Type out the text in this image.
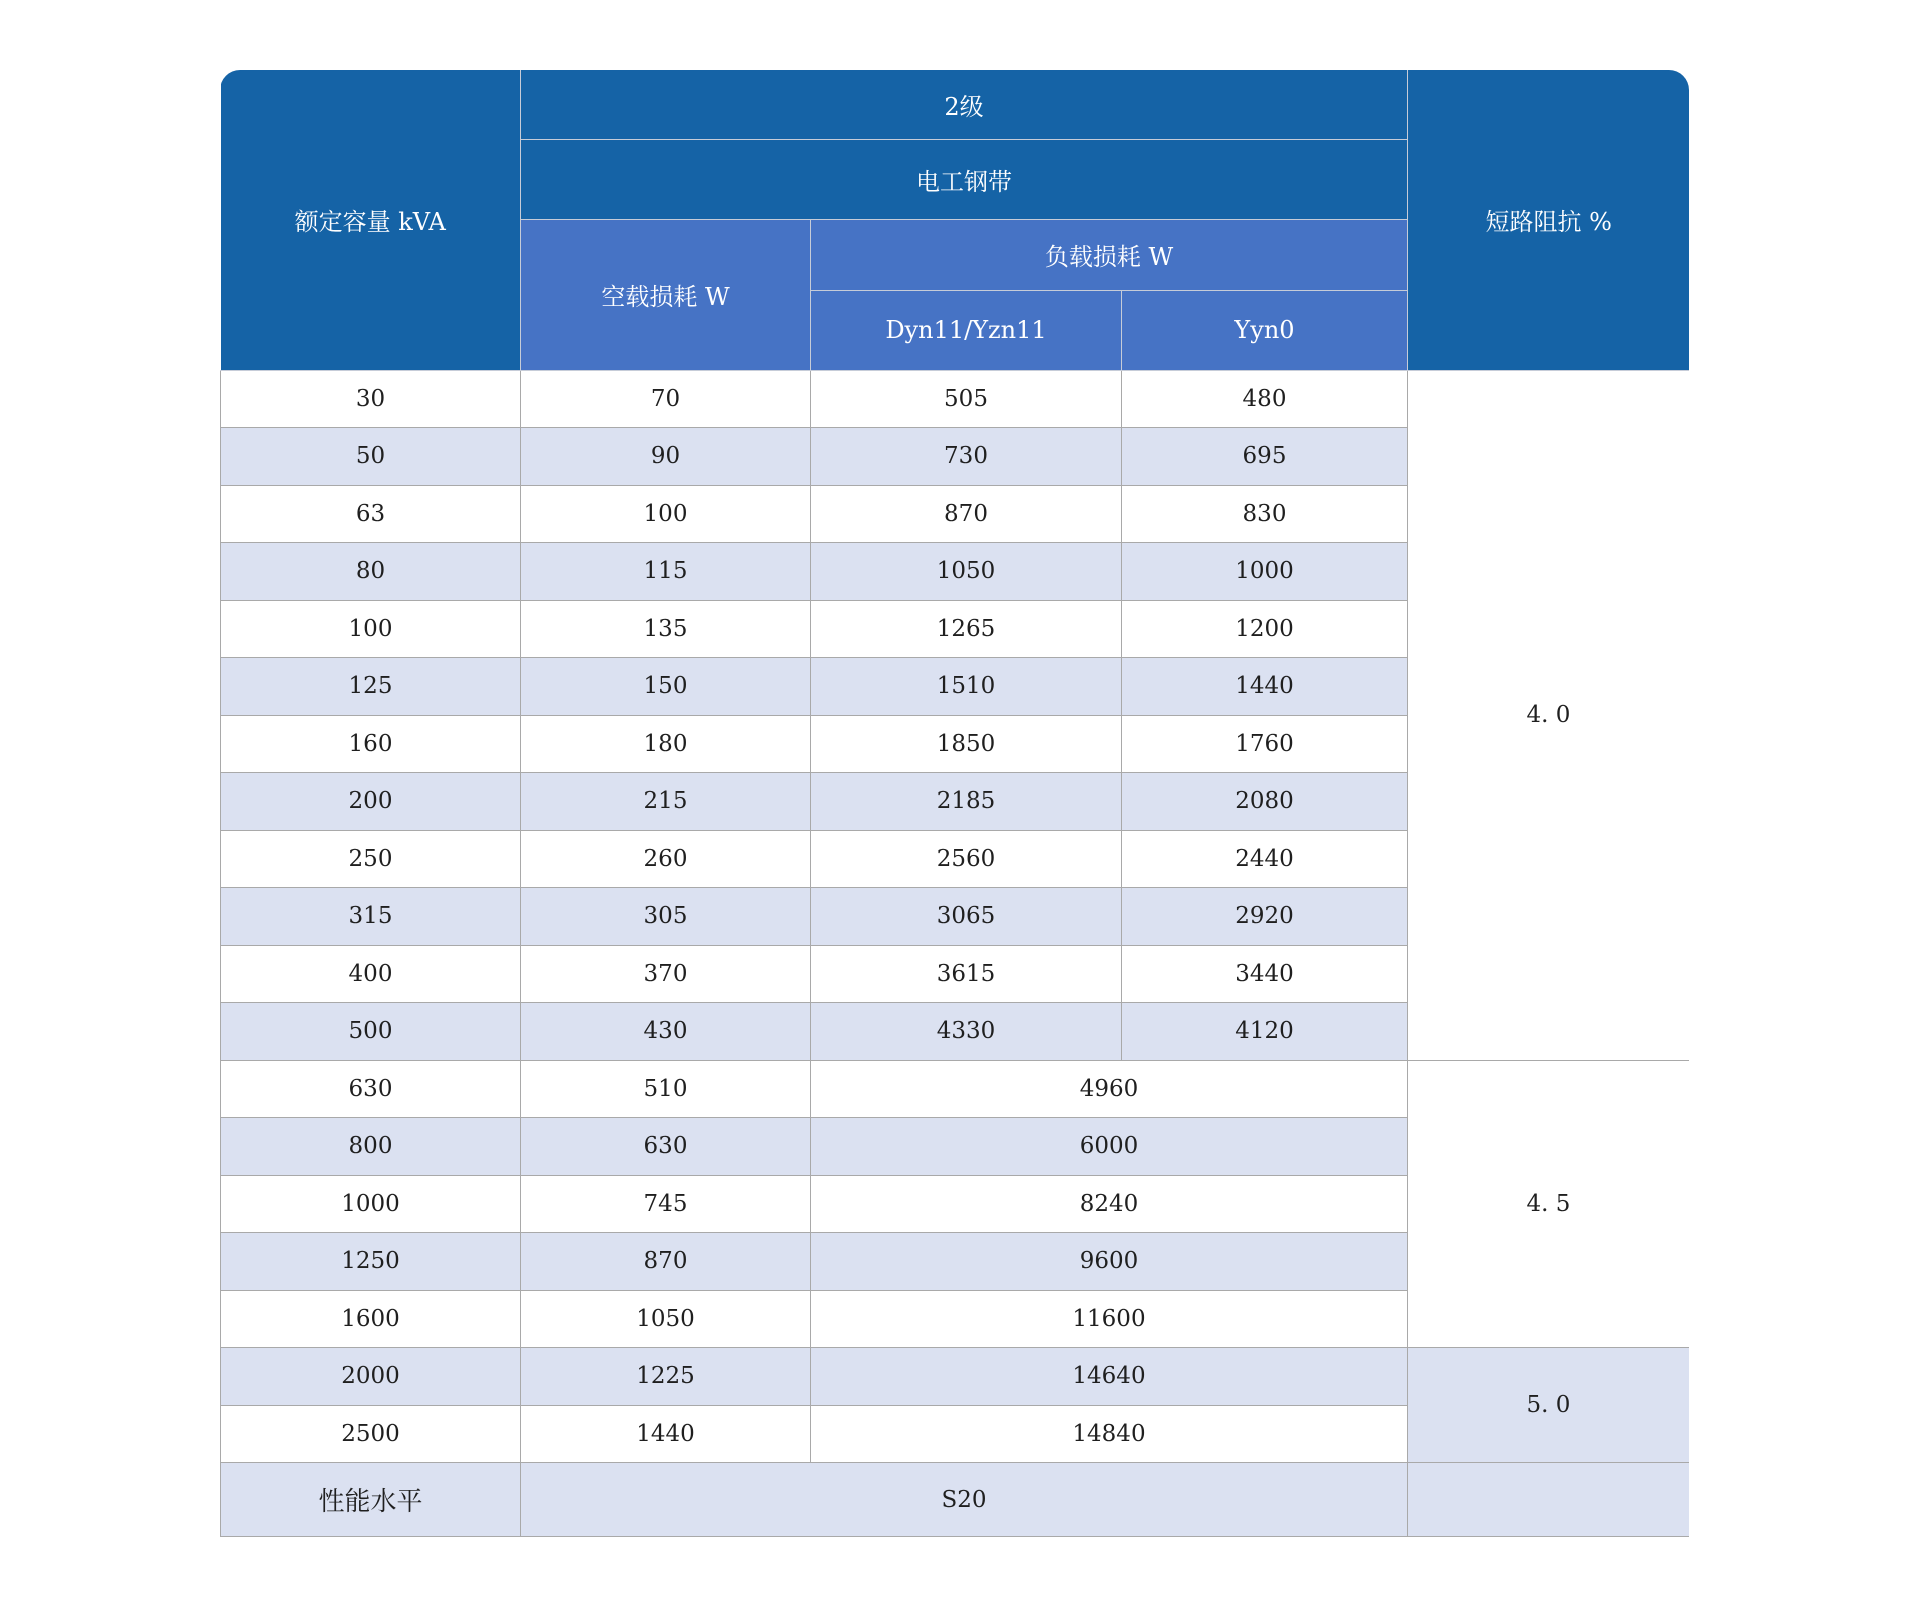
额定容量 kVA	2级			短路阻抗 %
	电工钢带			
	空载损耗 W	负载损耗 W		
		Dyn11/Yzn11	Yyn0	
30	70	505	480	4. 0
50	90	730	695	
63	100	870	830	
80	115	1050	1000	
100	135	1265	1200	
125	150	1510	1440	
160	180	1850	1760	
200	215	2185	2080	
250	260	2560	2440	
315	305	3065	2920	
400	370	3615	3440	
500	430	4330	4120	
630	510	4960		4. 5
800	630	6000		
1000	745	8240		
1250	870	9600		
1600	1050	11600		
2000	1225	14640		5. 0
2500	1440	14840		
性能水平	S20			
